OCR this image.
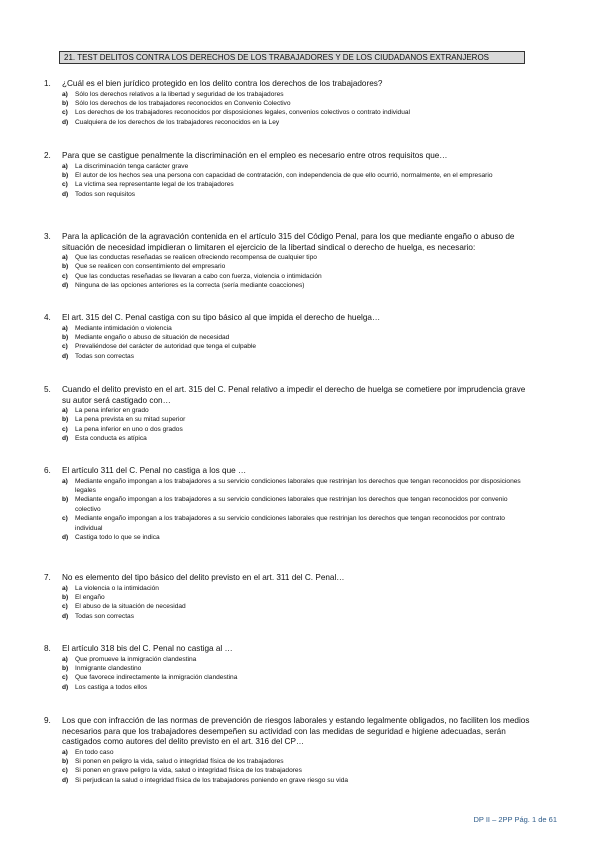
21. TEST DELITOS CONTRA LOS DERECHOS DE LOS TRABAJADORES Y DE LOS CIUDADANOS EXTRANJEROS
1.	¿Cuál es el bien jurídico protegido en los delito contra los derechos de los trabajadores?
a)	Sólo los derechos relativos a la libertad y seguridad de los trabajadores
b)	Sólo los derechos de los trabajadores reconocidos en Convenio Colectivo
c)	Los derechos de los trabajadores reconocidos por disposiciones legales, convenios colectivos o contrato individual
d)	Cualquiera de los derechos de los trabajadores reconocidos en la Ley
2.	Para que se castigue penalmente la discriminación en el empleo es necesario entre otros requisitos que…
a)	La discriminación tenga carácter grave
b)	El autor de los hechos sea una persona con capacidad de contratación, con independencia de que ello ocurrió, normalmente, en el empresario
c)	La víctima sea representante legal de los trabajadores
d)	Todos son requisitos
3.	Para la aplicación de la agravación contenida en el artículo 315 del Código Penal, para los que mediante engaño o abuso de situación de necesidad impidieran o limitaren el ejercicio de la libertad sindical o derecho de huelga, es necesario:
a)	Que las conductas reseñadas se realicen ofreciendo recompensa de cualquier tipo
b)	Que se realicen con consentimiento del empresario
c)	Que las conductas reseñadas se llevaran a cabo con fuerza, violencia o intimidación
d)	Ninguna de las opciones anteriores es la correcta (sería mediante coacciones)
4.	El art. 315 del C. Penal castiga con su tipo básico al que impida el derecho de huelga…
a)	Mediante intimidación o violencia
b)	Mediante engaño o abuso de situación de necesidad
c)	Prevaliéndose del carácter de autoridad que tenga el culpable
d)	Todas son correctas
5.	Cuando el delito previsto en el art. 315 del C. Penal relativo a impedir el derecho de huelga se cometiere por imprudencia grave su autor será castigado con…
a)	La pena inferior en grado
b)	La pena prevista en su mitad superior
c)	La pena inferior en uno o dos grados
d)	Esta conducta es atípica
6.	El artículo 311 del C. Penal no castiga a los que …
a)	Mediante engaño impongan a los trabajadores a su servicio condiciones laborales que restrinjan los derechos que tengan reconocidos por disposiciones legales
b)	Mediante engaño impongan a los trabajadores a su servicio condiciones laborales que restrinjan los derechos que tengan reconocidos por convenio colectivo
c)	Mediante engaño impongan a los trabajadores a su servicio condiciones laborales que restrinjan los derechos que tengan reconocidos por contrato individual
d)	Castiga todo lo que se indica
7.	No es elemento del tipo básico del delito previsto en el art. 311 del C. Penal…
a)	La violencia o la intimidación
b)	El engaño
c)	El abuso de la situación de necesidad
d)	Todas son correctas
8.	El artículo 318 bis del C. Penal no castiga al …
a)	Que promueve la inmigración clandestina
b)	Inmigrante clandestino
c)	Que favorece indirectamente la inmigración clandestina
d)	Los castiga a todos ellos
9.	Los que con infracción de las normas de prevención de riesgos laborales y estando legalmente obligados, no faciliten los medios necesarios para que los trabajadores desempeñen su actividad con las medidas de seguridad e higiene adecuadas, serán castigados como autores del delito previsto en el art. 316 del CP…
a)	En todo caso
b)	Si ponen en peligro la vida, salud o integridad física de los trabajadores
c)	Si ponen en grave peligro la vida, salud o integridad física de los trabajadores
d)	Si perjudican la salud o integridad física de los trabajadores poniendo en grave riesgo su vida
DP II – 2PP Pág. 1 de 61
